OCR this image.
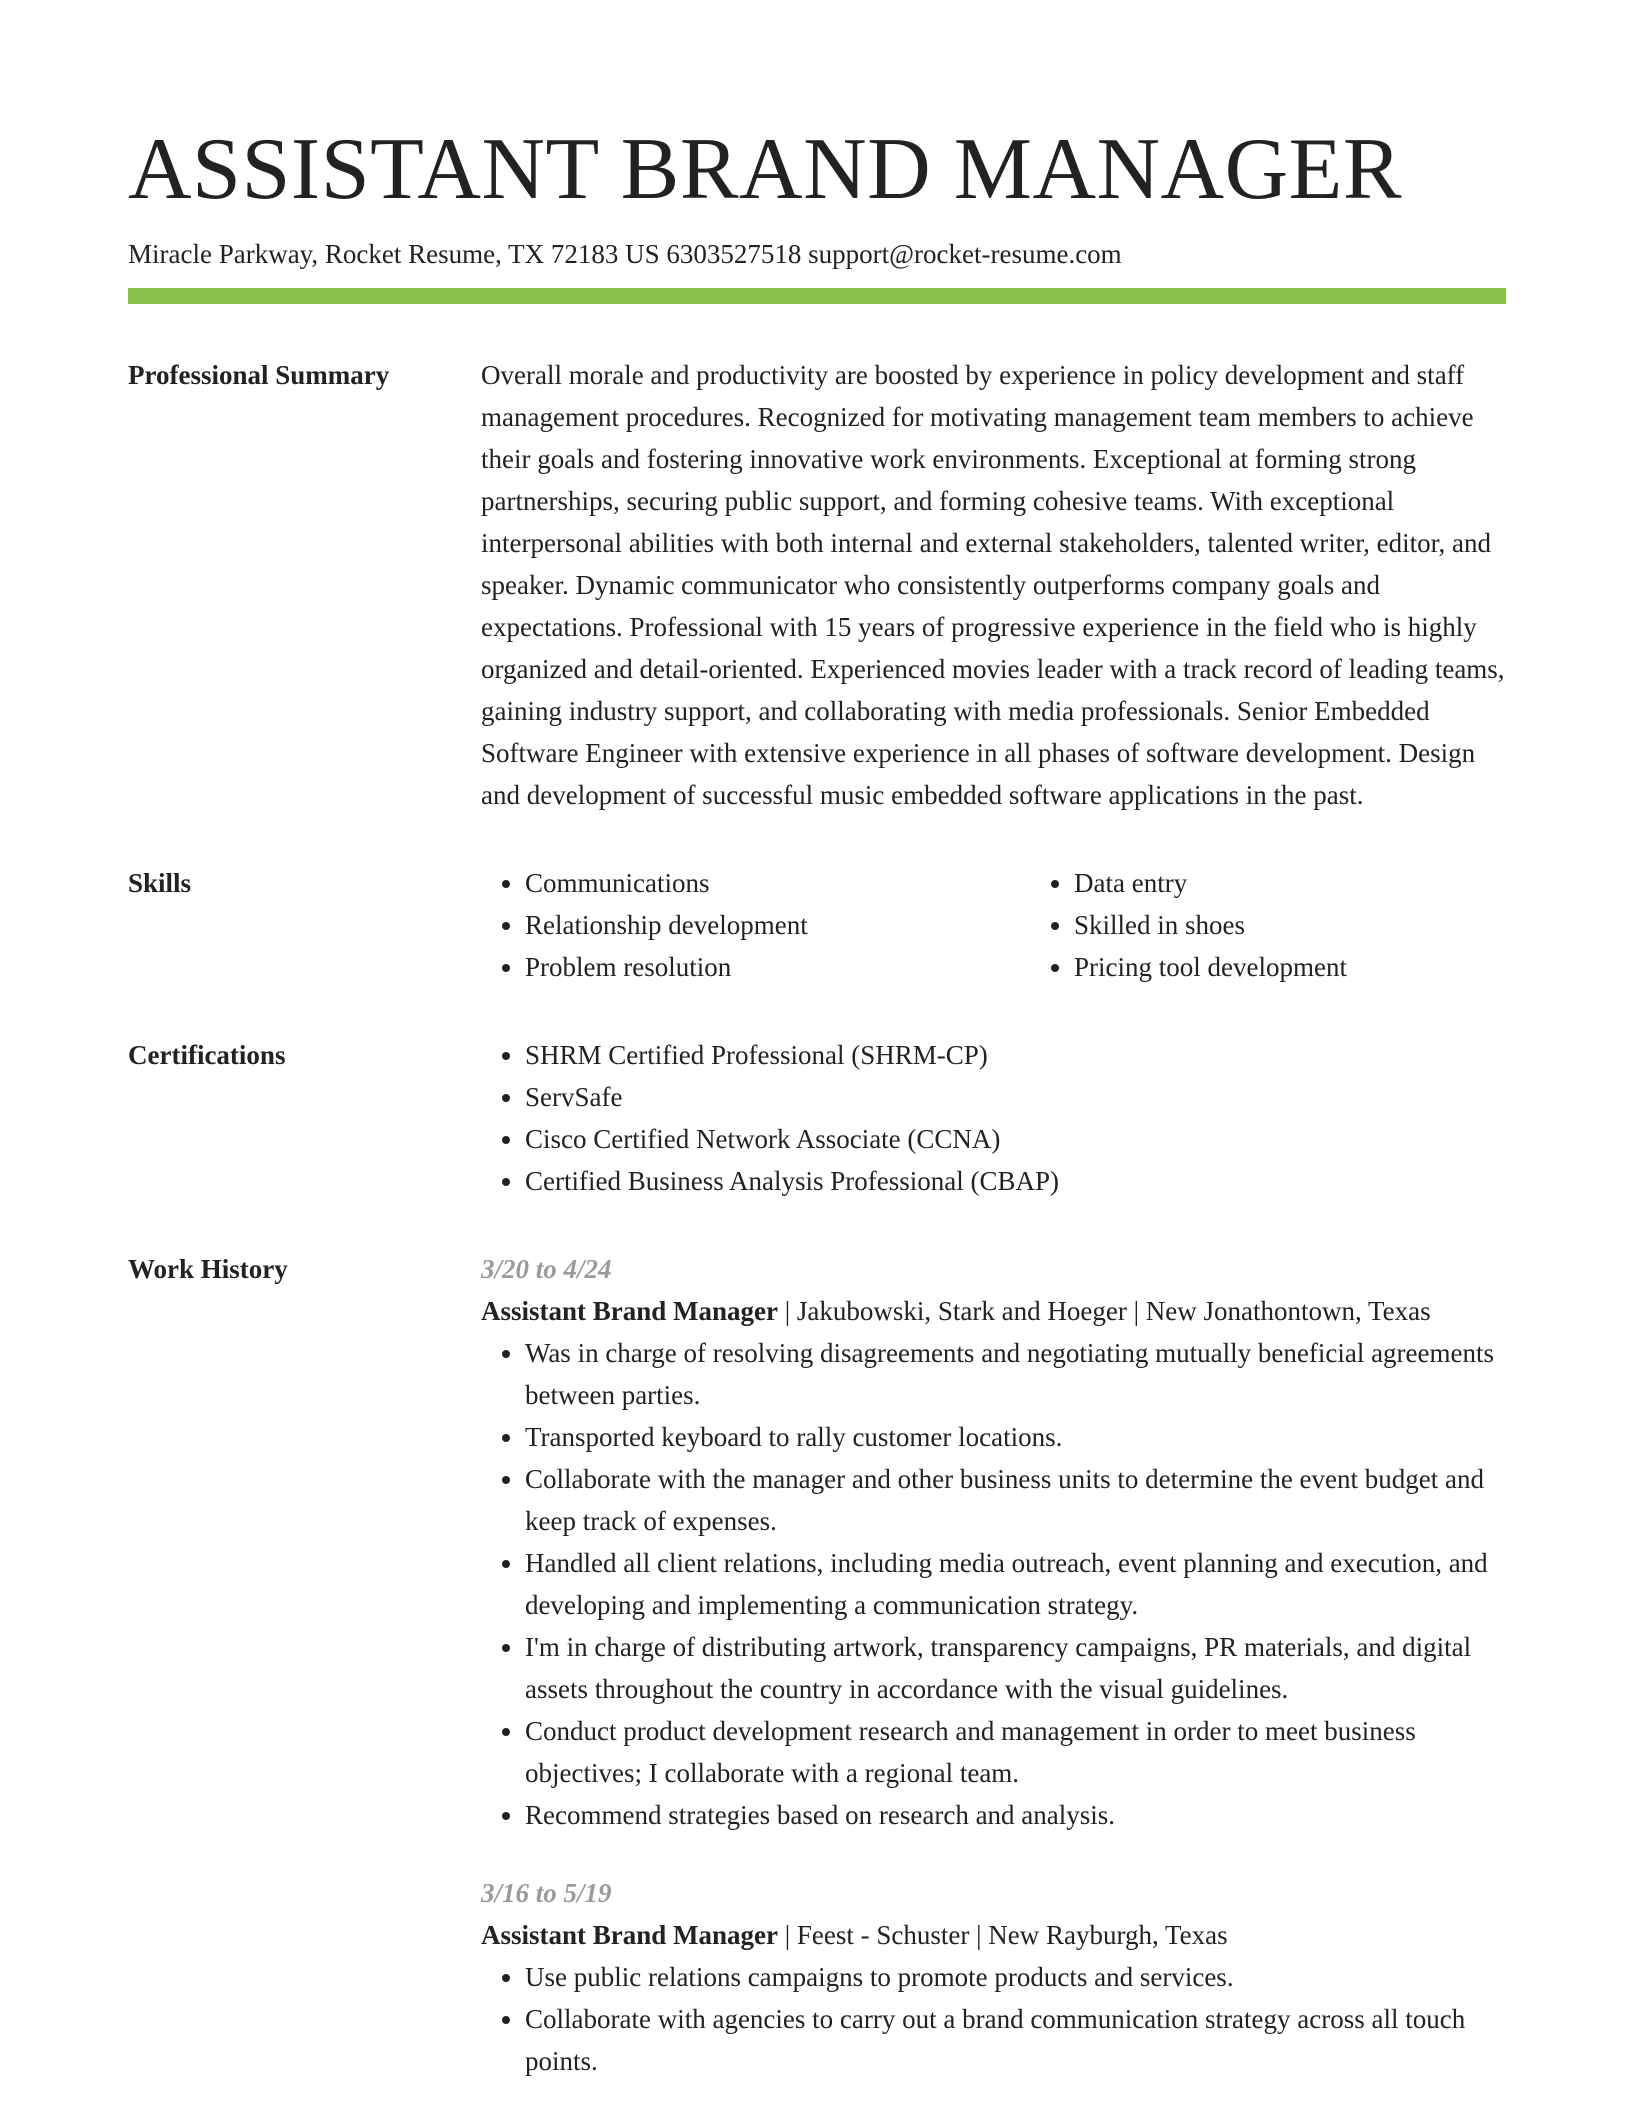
ASSISTANT BRAND MANAGER
Miracle Parkway, Rocket Resume, TX 72183 US 6303527518 support@rocket-resume.com
Professional Summary	Overall morale and productivity are boosted by experience in policy development and staff management procedures. Recognized for motivating management team members to achieve their goals and fostering innovative work environments. Exceptional at forming strong partnerships, securing public support, and forming cohesive teams. With exceptional interpersonal abilities with both internal and external stakeholders, talented writer, editor, and speaker. Dynamic communicator who consistently outperforms company goals and expectations. Professional with 15 years of progressive experience in the field who is highly organized and detail-oriented. Experienced movies leader with a track record of leading teams, gaining industry support, and collaborating with media professionals. Senior Embedded Software Engineer with extensive experience in all phases of software development. Design and development of successful music embedded software applications in the past.

Skills	• Communications
• Relationship development
• Problem resolution
• Data entry
• Skilled in shoes
• Pricing tool development
Certifications	• SHRM Certified Professional (SHRM-CP)
• ServSafe
• Cisco Certified Network Associate (CCNA)
• Certified Business Analysis Professional (CBAP)
Work History	3/20 to 4/24
Assistant Brand Manager | Jakubowski, Stark and Hoeger | New Jonathontown, Texas
• Was in charge of resolving disagreements and negotiating mutually beneficial agreements between parties.
• Transported keyboard to rally customer locations.
• Collaborate with the manager and other business units to determine the event budget and keep track of expenses.
• Handled all client relations, including media outreach, event planning and execution, and developing and implementing a communication strategy.
• I'm in charge of distributing artwork, transparency campaigns, PR materials, and digital assets throughout the country in accordance with the visual guidelines.
• Conduct product development research and management in order to meet business objectives; I collaborate with a regional team.
• Recommend strategies based on research and analysis.
3/16 to 5/19
Assistant Brand Manager | Feest - Schuster | New Rayburgh, Texas
• Use public relations campaigns to promote products and services.
• Collaborate with agencies to carry out a brand communication strategy across all touch points.
